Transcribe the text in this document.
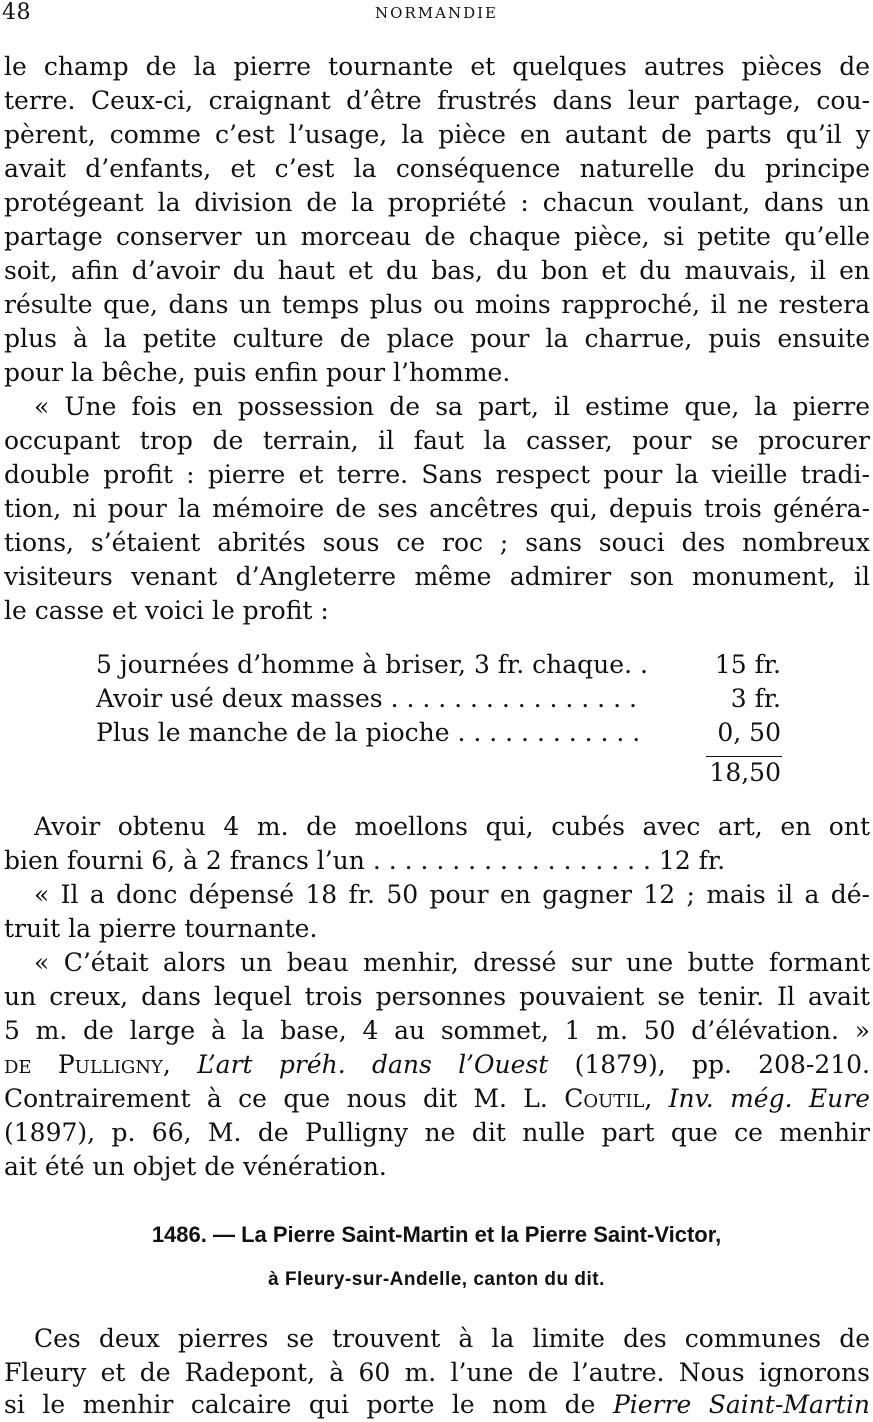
48	NORMANDIE
le champ de la pierre tournante et quelques autres pièces de
terre. Ceux-ci, craignant d’être frustrés dans leur partage, cou-
pèrent, comme c’est l’usage, la pièce en autant de parts qu’il y
avait d’enfants, et c’est la conséquence naturelle du principe
protégeant la division de la propriété : chacun voulant, dans un
partage conserver un morceau de chaque pièce, si petite qu’elle
soit, afin d’avoir du haut et du bas, du bon et du mauvais, il en
résulte que, dans un temps plus ou moins rapproché, il ne restera
plus à la petite culture de place pour la charrue, puis ensuite
pour la bêche, puis enfin pour l’homme.
« Une fois en possession de sa part, il estime que, la pierre
occupant trop de terrain, il faut la casser, pour se procurer
double profit : pierre et terre. Sans respect pour la vieille tradi-
tion, ni pour la mémoire de ses ancêtres qui, depuis trois généra-
tions, s’étaient abrités sous ce roc ; sans souci des nombreux
visiteurs venant d’Angleterre même admirer son monument, il
le casse et voici le profit :
5 journées d’homme à briser, 3 fr. chaque. .	15 fr.
Avoir usé deux masses . . . . . . . . . . . . . . . .	3 fr.
Plus le manche de la pioche . . . . . . . . . . . .	0, 50
18,50
Avoir obtenu 4 m. de moellons qui, cubés avec art, en ont
bien fourni 6, à 2 francs l’un . . . . . . . . . . . . . . . . . . 12 fr.
« Il a donc dépensé 18 fr. 50 pour en gagner 12 ; mais il a dé-
truit la pierre tournante.
« C’était alors un beau menhir, dressé sur une butte formant
un creux, dans lequel trois personnes pouvaient se tenir. Il avait
5 m. de large à la base, 4 au sommet, 1 m. 50 d’élévation. »
de Pulligny, L’art préh. dans l’Ouest (1879), pp. 208-210.
Contrairement à ce que nous dit M. L. Coutil, Inv. még. Eure
(1897), p. 66, M. de Pulligny ne dit nulle part que ce menhir
ait été un objet de vénération.
1486. — La Pierre Saint-Martin et la Pierre Saint-Victor,
à Fleury-sur-Andelle, canton du dit.
Ces deux pierres se trouvent à la limite des communes de
Fleury et de Radepont, à 60 m. l’une de l’autre. Nous ignorons
si le menhir calcaire qui porte le nom de Pierre Saint-Martin
